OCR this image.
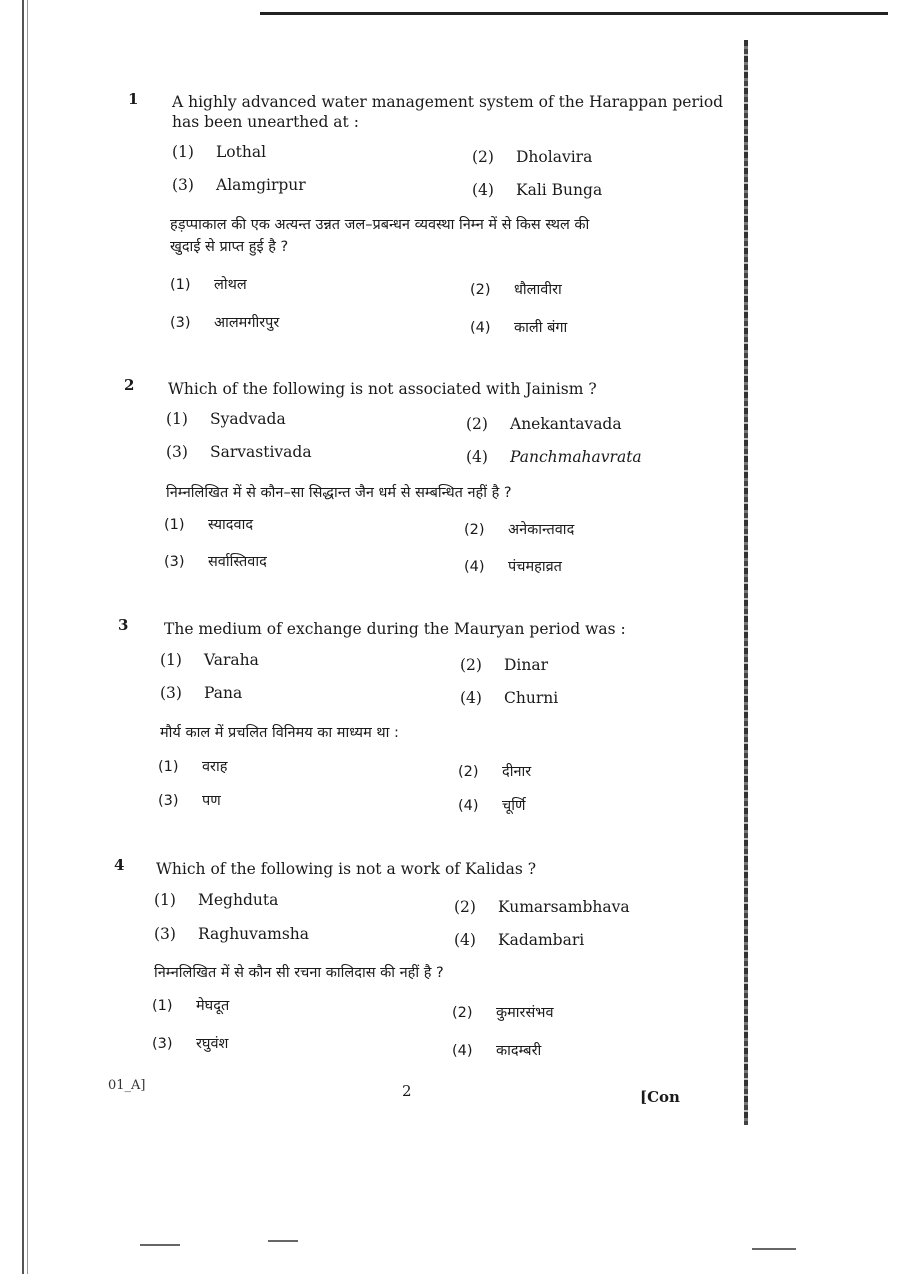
1 A highly advanced water management system of the Harappan period has been unearthed at :
(1) Lothal	(2) Dholavira
(3) Alamgirpur	(4) Kali Bunga
हड़प्पाकाल की एक अत्यन्त उन्नत जल–प्रबन्धन व्यवस्था निम्न में से किस स्थल की
खुदाई से प्राप्त हुई है ?
(1) लोथल	(2) धौलावीरा
(3) आलमगीरपुर	(4) काली बंगा
2 Which of the following is not associated with Jainism ?
(1) Syadvada	(2) Anekantavada
(3) Sarvastivada	(4) Panchmahavrata
निम्नलिखित में से कौन–सा सिद्धान्त जैन धर्म से सम्बन्धित नहीं है ?
(1) स्यादवाद	(2) अनेकान्तवाद
(3) सर्वास्तिवाद	(4) पंचमहाव्रत
3 The medium of exchange during the Mauryan period was :
(1) Varaha	(2) Dinar
(3) Pana	(4) Churni
मौर्य काल में प्रचलित विनिमय का माध्यम था :
(1) वराह	(2) दीनार
(3) पण	(4) चूर्णि
4 Which of the following is not a work of Kalidas ?
(1) Meghduta	(2) Kumarsambhava
(3) Raghuvamsha	(4) Kadambari
निम्नलिखित में से कौन सी रचना कालिदास की नहीं है ?
(1) मेघदूत	(2) कुमारसंभव
(3) रघुवंश	(4) कादम्बरी
01_A]	2	[Con
